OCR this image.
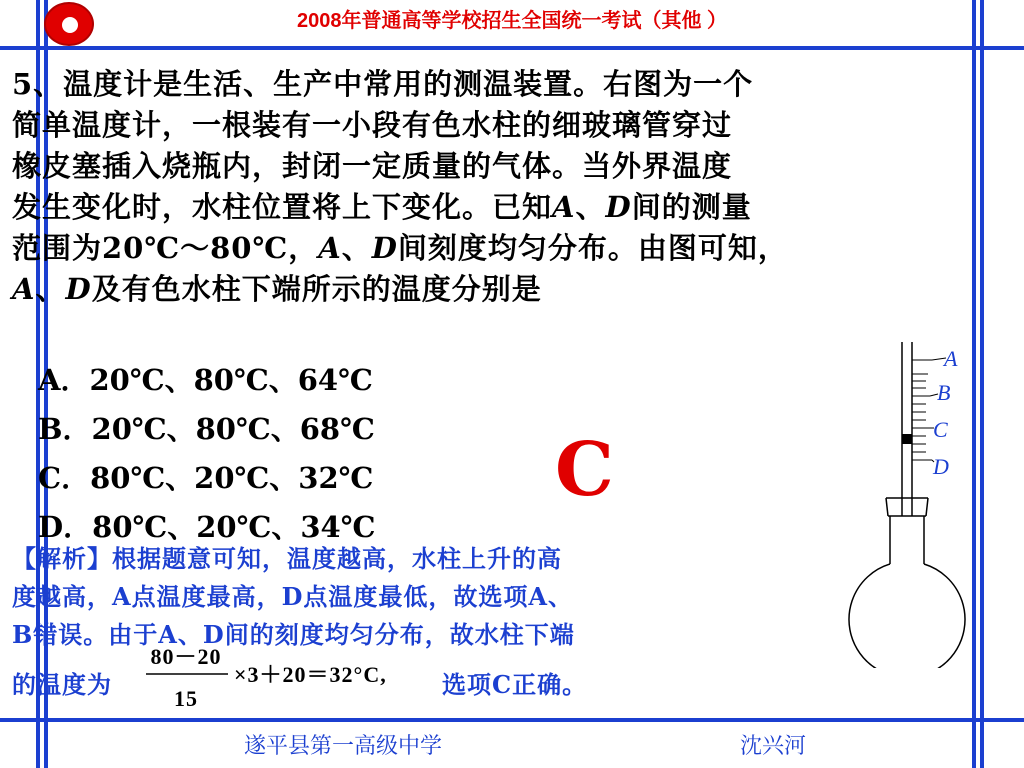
2008年普通高等学校招生全国统一考试（其他 ）
5、温度计是生活、生产中常用的测温装置。右图为一个
简单温度计，一根装有一小段有色水柱的细玻璃管穿过
橡皮塞插入烧瓶内，封闭一定质量的气体。当外界温度
发生变化时，水柱位置将上下变化。已知A、D间的测量
范围为20℃～80℃，A、D间刻度均匀分布。由图可知，
A、D及有色水柱下端所示的温度分别是
A．20℃、80℃、64℃
B．20℃、80℃、68℃
C．80℃、20℃、32℃
D．80℃、20℃、34℃
C
【解析】根据题意可知，温度越高，水柱上升的高
度越高，A点温度最高，D点温度最低，故选项A、
B错误。由于A、D间的刻度均匀分布，故水柱下端
的温度为
80－20
15
×3＋20＝32°C, 选项C正确。
A
B
C
D
遂平县第一高级中学	沈兴河
